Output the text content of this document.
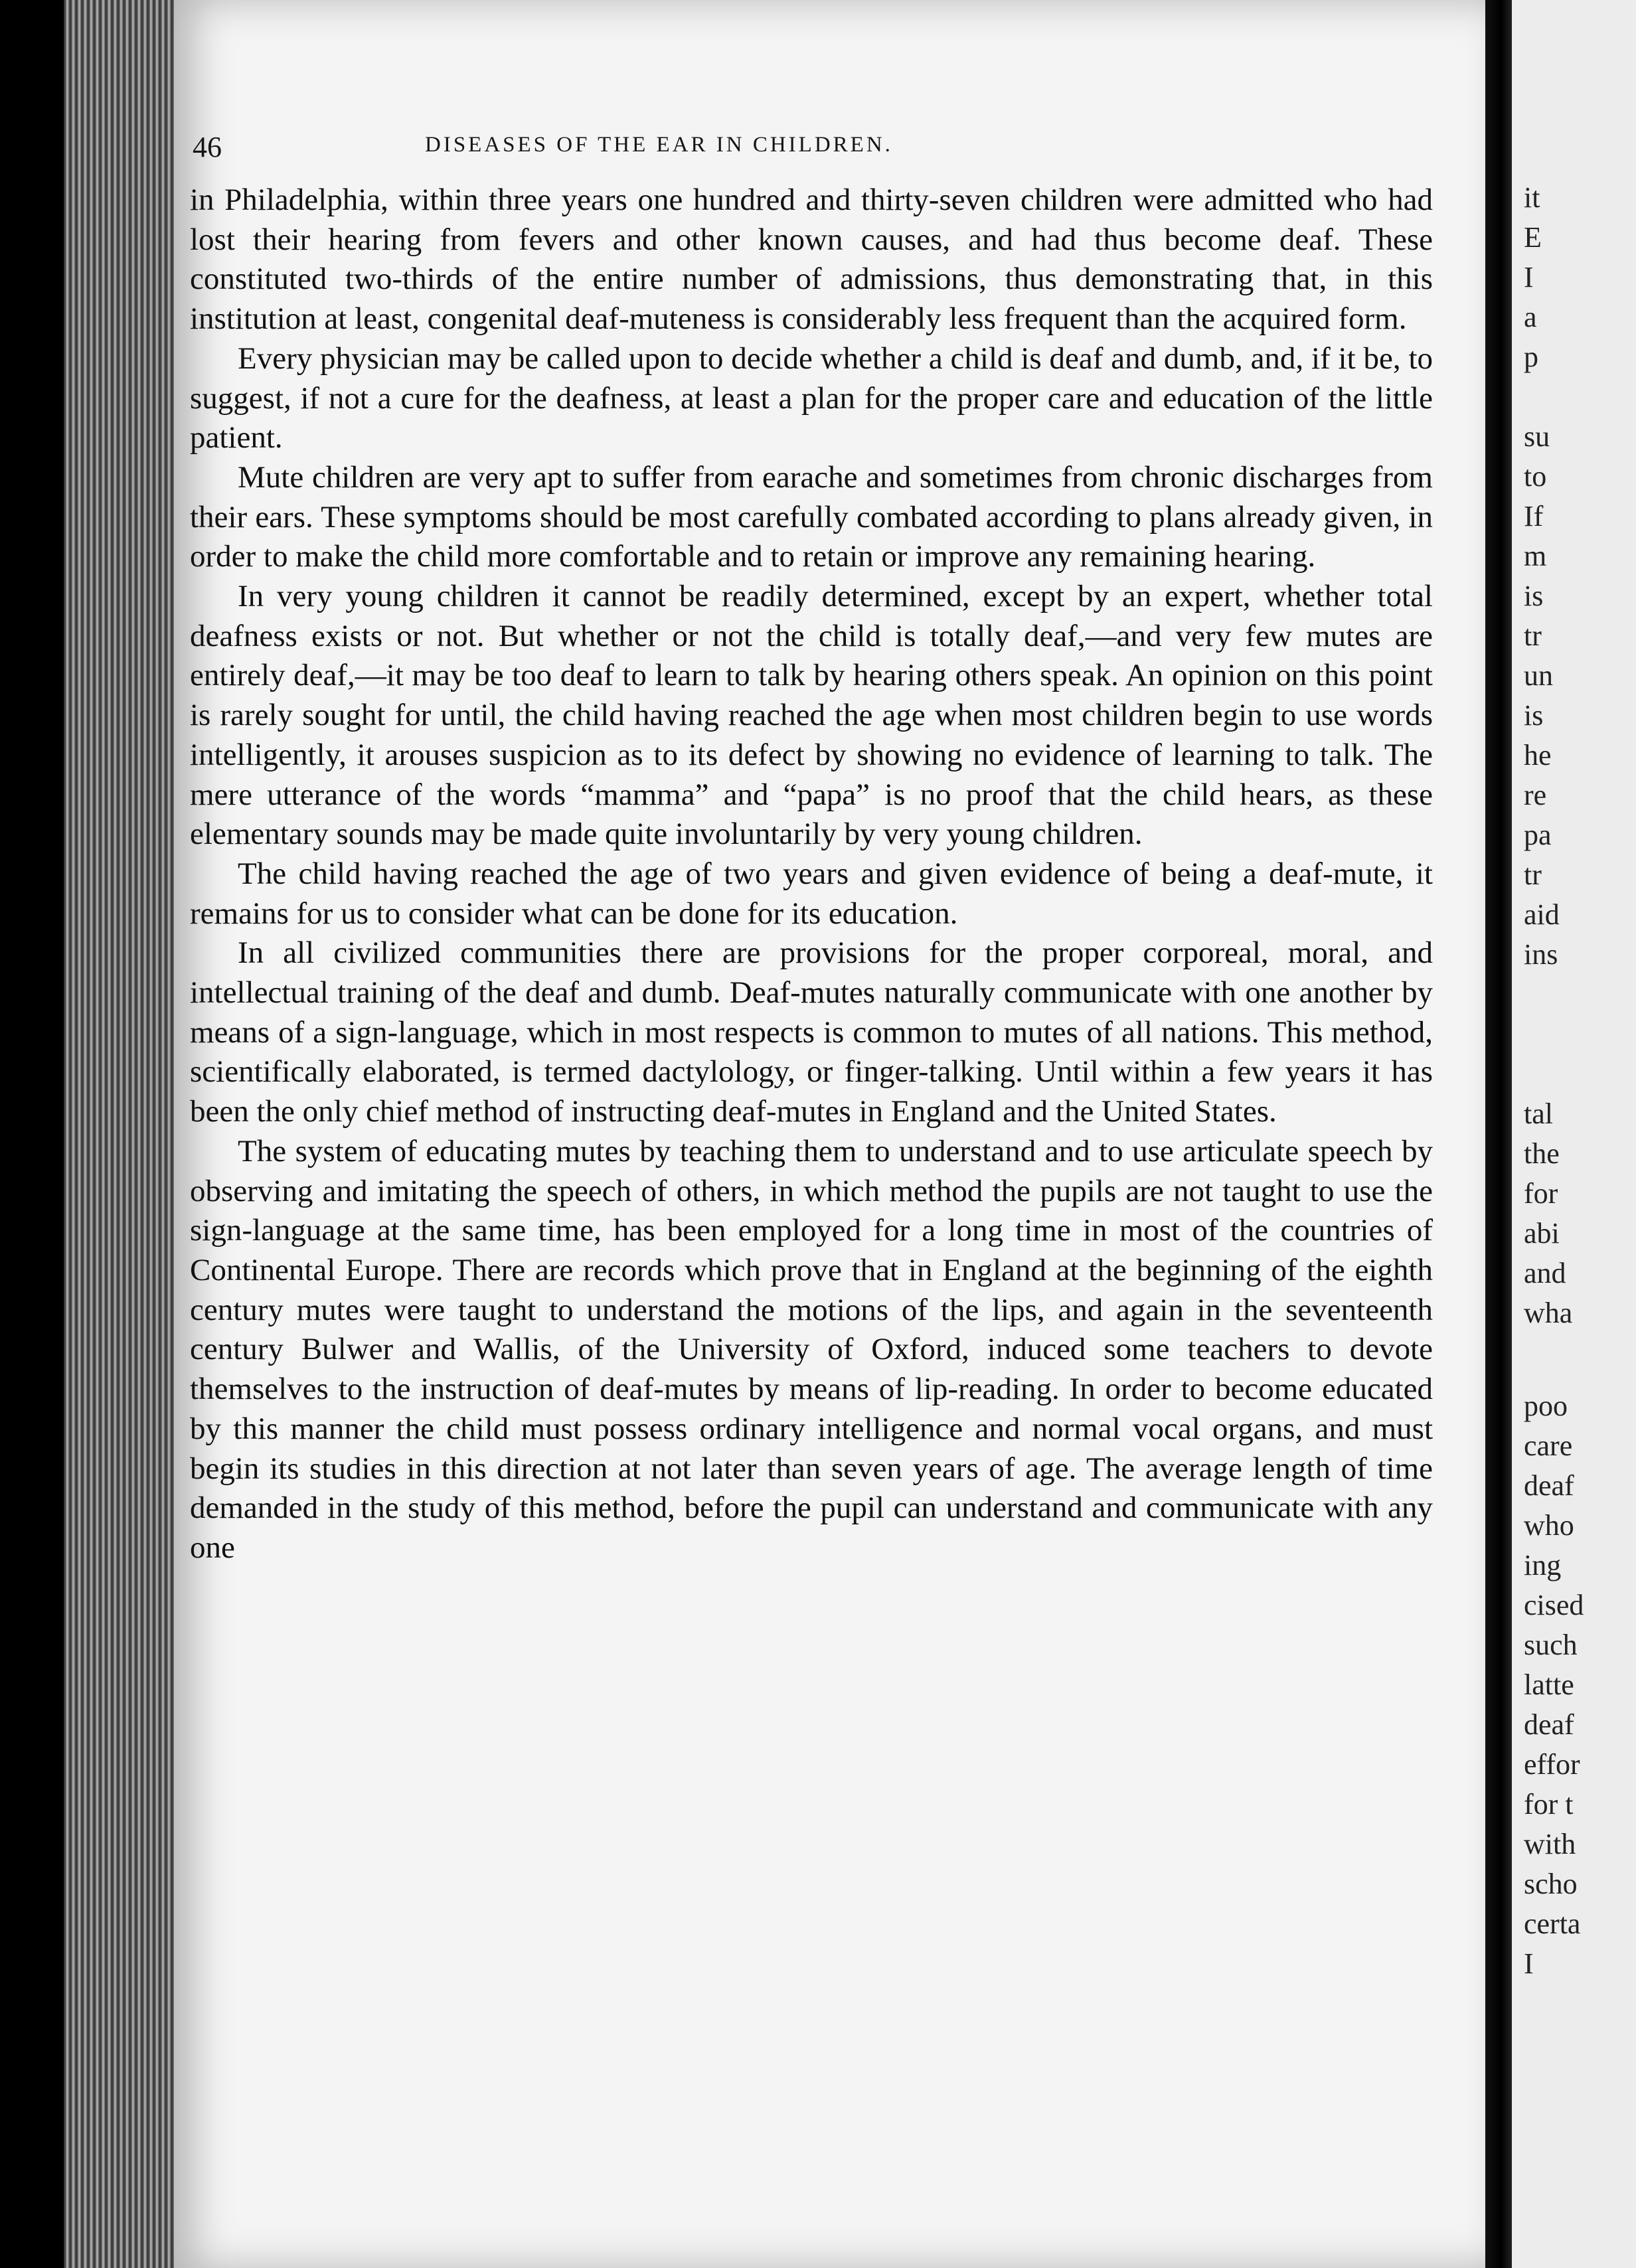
46	DISEASES OF THE EAR IN CHILDREN.

in Philadelphia, within three years one hundred and thirty-seven children were admitted who had lost their hearing from fevers and other known causes, and had thus become deaf. These constituted two-thirds of the entire number of admissions, thus demonstrating that, in this institution at least, congenital deaf-muteness is considerably less frequent than the acquired form.

Every physician may be called upon to decide whether a child is deaf and dumb, and, if it be, to suggest, if not a cure for the deafness, at least a plan for the proper care and education of the little patient.

Mute children are very apt to suffer from earache and sometimes from chronic discharges from their ears. These symptoms should be most carefully combated according to plans already given, in order to make the child more comfortable and to retain or improve any remaining hearing.

In very young children it cannot be readily determined, except by an expert, whether total deafness exists or not. But whether or not the child is totally deaf,—and very few mutes are entirely deaf,—it may be too deaf to learn to talk by hearing others speak. An opinion on this point is rarely sought for until, the child having reached the age when most children begin to use words intelligently, it arouses suspicion as to its defect by showing no evidence of learning to talk. The mere utterance of the words “mamma” and “papa” is no proof that the child hears, as these elementary sounds may be made quite involuntarily by very young children.

The child having reached the age of two years and given evidence of being a deaf-mute, it remains for us to consider what can be done for its education.

In all civilized communities there are provisions for the proper corporeal, moral, and intellectual training of the deaf and dumb. Deaf-mutes naturally communicate with one another by means of a sign-language, which in most respects is common to mutes of all nations. This method, scientifically elaborated, is termed dactylology, or finger-talking. Until within a few years it has been the only chief method of instructing deaf-mutes in England and the United States.

The system of educating mutes by teaching them to understand and to use articulate speech by observing and imitating the speech of others, in which method the pupils are not taught to use the sign-language at the same time, has been employed for a long time in most of the countries of Continental Europe. There are records which prove that in England at the beginning of the eighth century mutes were taught to understand the motions of the lips, and again in the seventeenth century Bulwer and Wallis, of the University of Oxford, induced some teachers to devote themselves to the instruction of deaf-mutes by means of lip-reading. In order to become educated by this manner the child must possess ordinary intelligence and normal vocal organs, and must begin its studies in this direction at not later than seven years of age. The average length of time demanded in the study of this method, before the pupil can understand and communicate with any one

it
E
I
a
p
su
to
If
m
is
tr
un
is
he
re
pa
tr
aid
ins
tal
the
for
abi
and
wha
poo
care
deaf
who
ing
cised
such
latte
deaf
effor
for t
with
scho
certa
I
